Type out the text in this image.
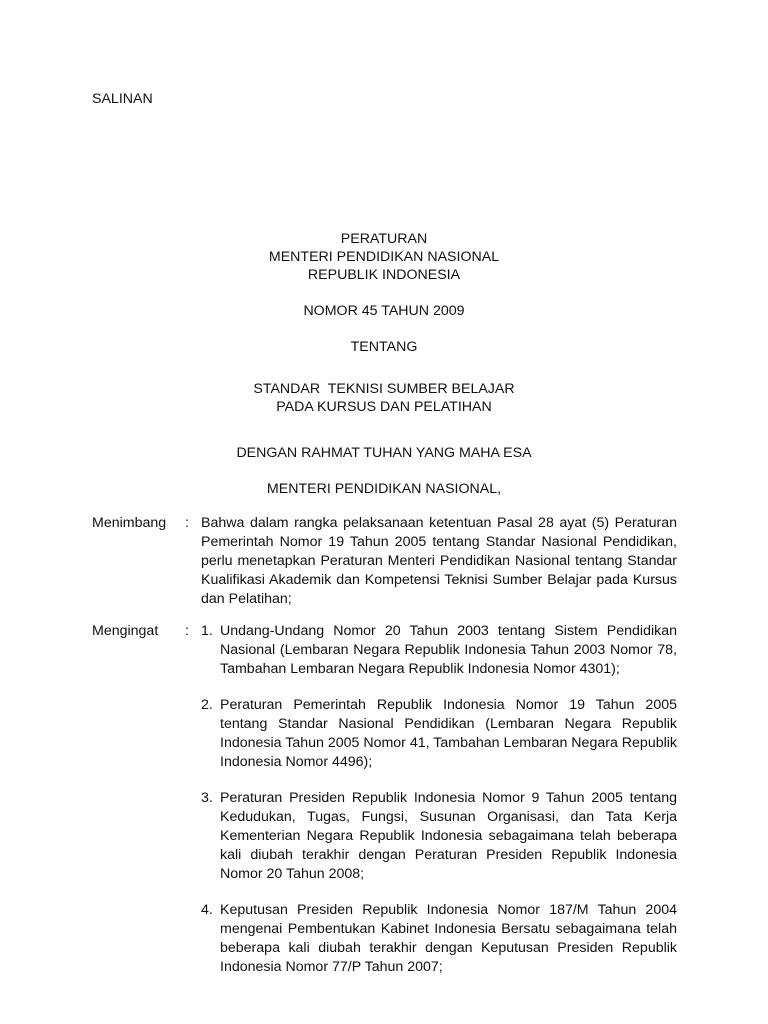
SALINAN
PERATURAN
MENTERI PENDIDIKAN NASIONAL
REPUBLIK INDONESIA
NOMOR 45 TAHUN 2009
TENTANG
STANDAR  TEKNISI SUMBER BELAJAR
PADA KURSUS DAN PELATIHAN
DENGAN RAHMAT TUHAN YANG MAHA ESA
MENTERI PENDIDIKAN NASIONAL,
Menimbang : Bahwa dalam rangka pelaksanaan ketentuan Pasal 28 ayat (5) Peraturan Pemerintah Nomor 19 Tahun 2005 tentang Standar Nasional Pendidikan, perlu menetapkan Peraturan Menteri Pendidikan Nasional tentang Standar Kualifikasi Akademik dan Kompetensi Teknisi Sumber Belajar pada Kursus dan Pelatihan;
Mengingat : 1. Undang-Undang Nomor 20 Tahun 2003 tentang Sistem Pendidikan Nasional (Lembaran Negara Republik Indonesia Tahun 2003 Nomor 78, Tambahan Lembaran Negara Republik Indonesia Nomor 4301);
2. Peraturan Pemerintah Republik Indonesia Nomor 19 Tahun 2005 tentang Standar Nasional Pendidikan (Lembaran Negara Republik Indonesia Tahun 2005 Nomor 41, Tambahan Lembaran Negara Republik Indonesia Nomor 4496);
3. Peraturan Presiden Republik Indonesia Nomor 9 Tahun 2005 tentang Kedudukan, Tugas, Fungsi, Susunan Organisasi, dan Tata Kerja Kementerian Negara Republik Indonesia sebagaimana telah beberapa kali diubah terakhir dengan Peraturan Presiden Republik Indonesia Nomor 20 Tahun 2008;
4. Keputusan Presiden Republik Indonesia Nomor 187/M Tahun 2004 mengenai Pembentukan Kabinet Indonesia Bersatu sebagaimana telah beberapa kali diubah terakhir dengan Keputusan Presiden Republik Indonesia Nomor 77/P Tahun 2007;
